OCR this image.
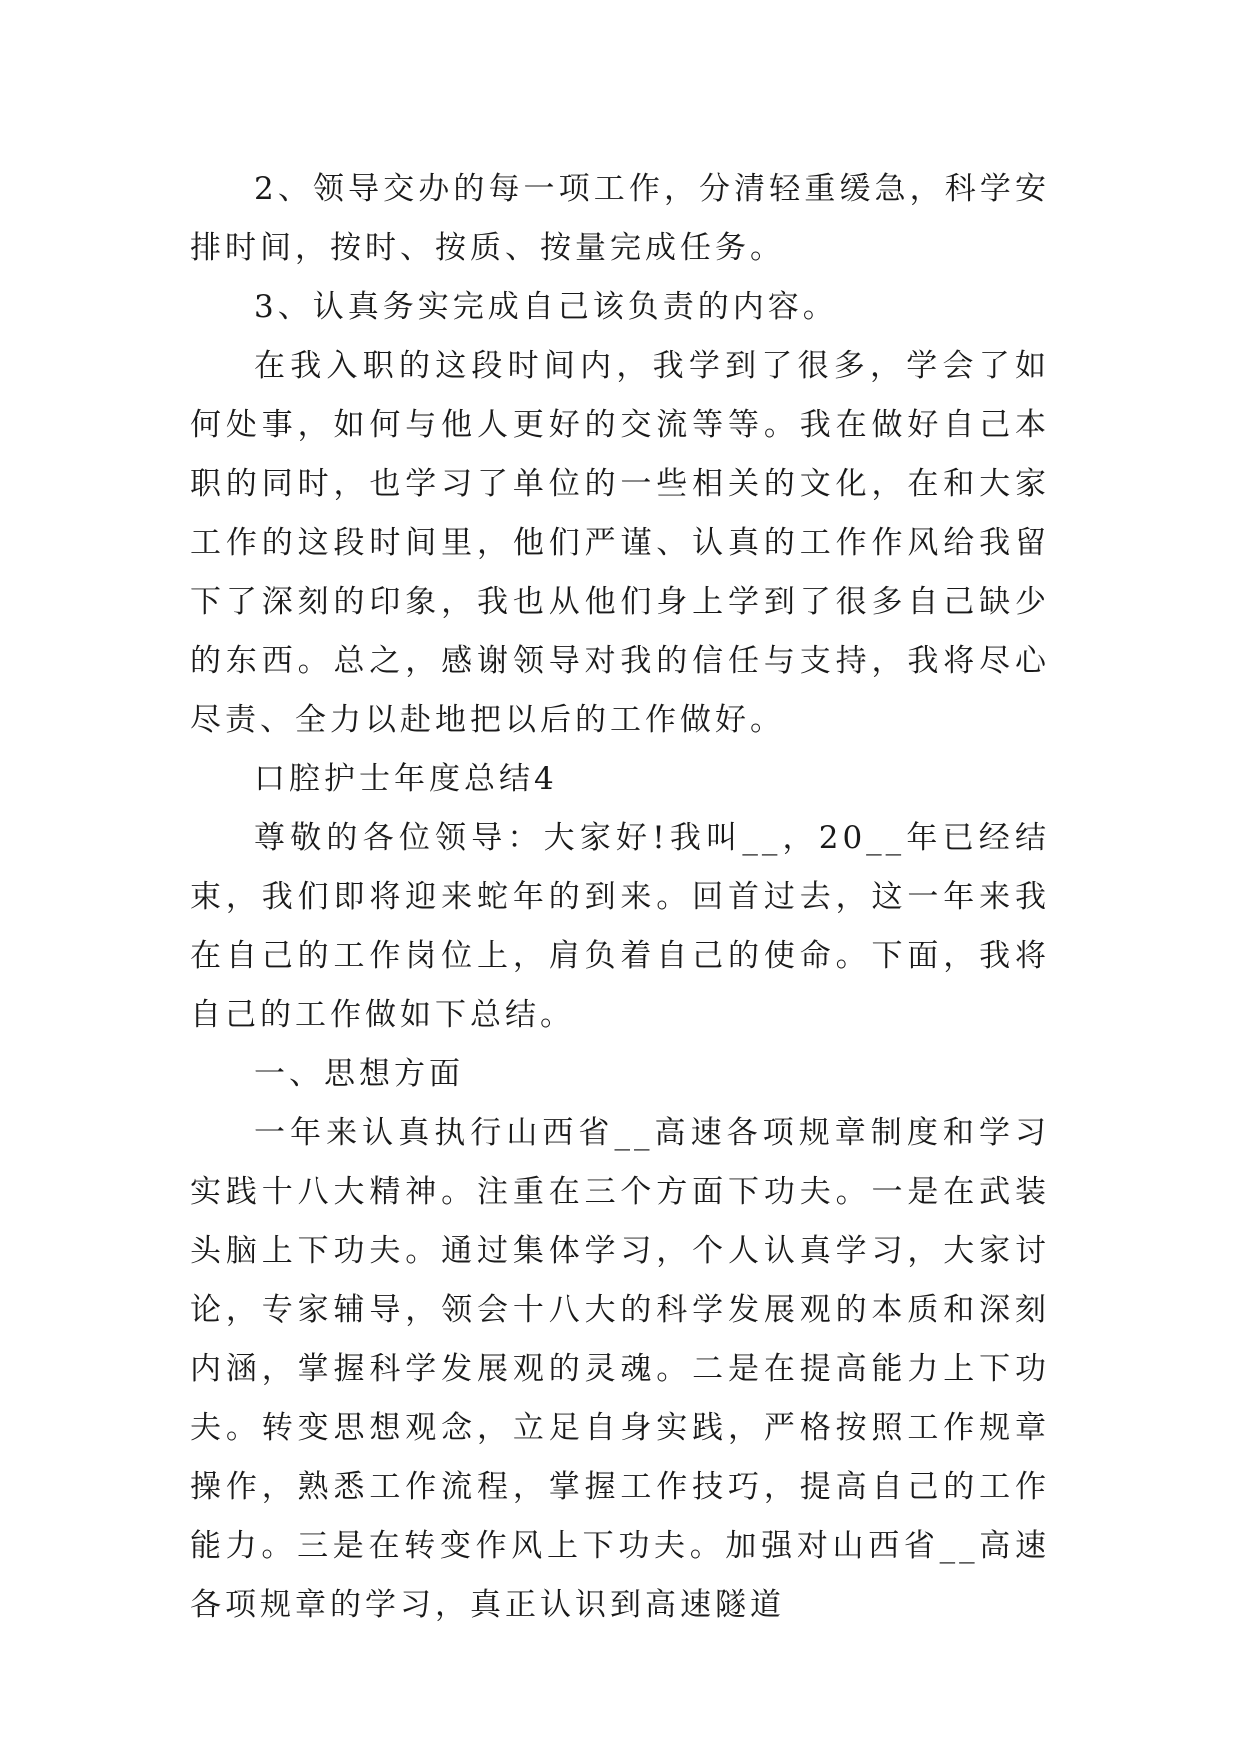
2、领导交办的每一项工作，分清轻重缓急，科学安排时间，按时、按质、按量完成任务。

3、认真务实完成自己该负责的内容。

在我入职的这段时间内，我学到了很多，学会了如何处事，如何与他人更好的交流等等。我在做好自己本职的同时，也学习了单位的一些相关的文化，在和大家工作的这段时间里，他们严谨、认真的工作作风给我留下了深刻的印象，我也从他们身上学到了很多自己缺少的东西。总之，感谢领导对我的信任与支持，我将尽心尽责、全力以赴地把以后的工作做好。

口腔护士年度总结4

尊敬的各位领导：大家好!我叫__，20__年已经结束，我们即将迎来蛇年的到来。回首过去，这一年来我在自己的工作岗位上，肩负着自己的使命。下面，我将自己的工作做如下总结。

一、思想方面

一年来认真执行山西省__高速各项规章制度和学习实践十八大精神。注重在三个方面下功夫。一是在武装头脑上下功夫。通过集体学习，个人认真学习，大家讨论，专家辅导，领会十八大的科学发展观的本质和深刻内涵，掌握科学发展观的灵魂。二是在提高能力上下功夫。转变思想观念，立足自身实践，严格按照工作规章操作，熟悉工作流程，掌握工作技巧，提高自己的工作能力。三是在转变作风上下功夫。加强对山西省__高速各项规章的学习，真正认识到高速隧道
